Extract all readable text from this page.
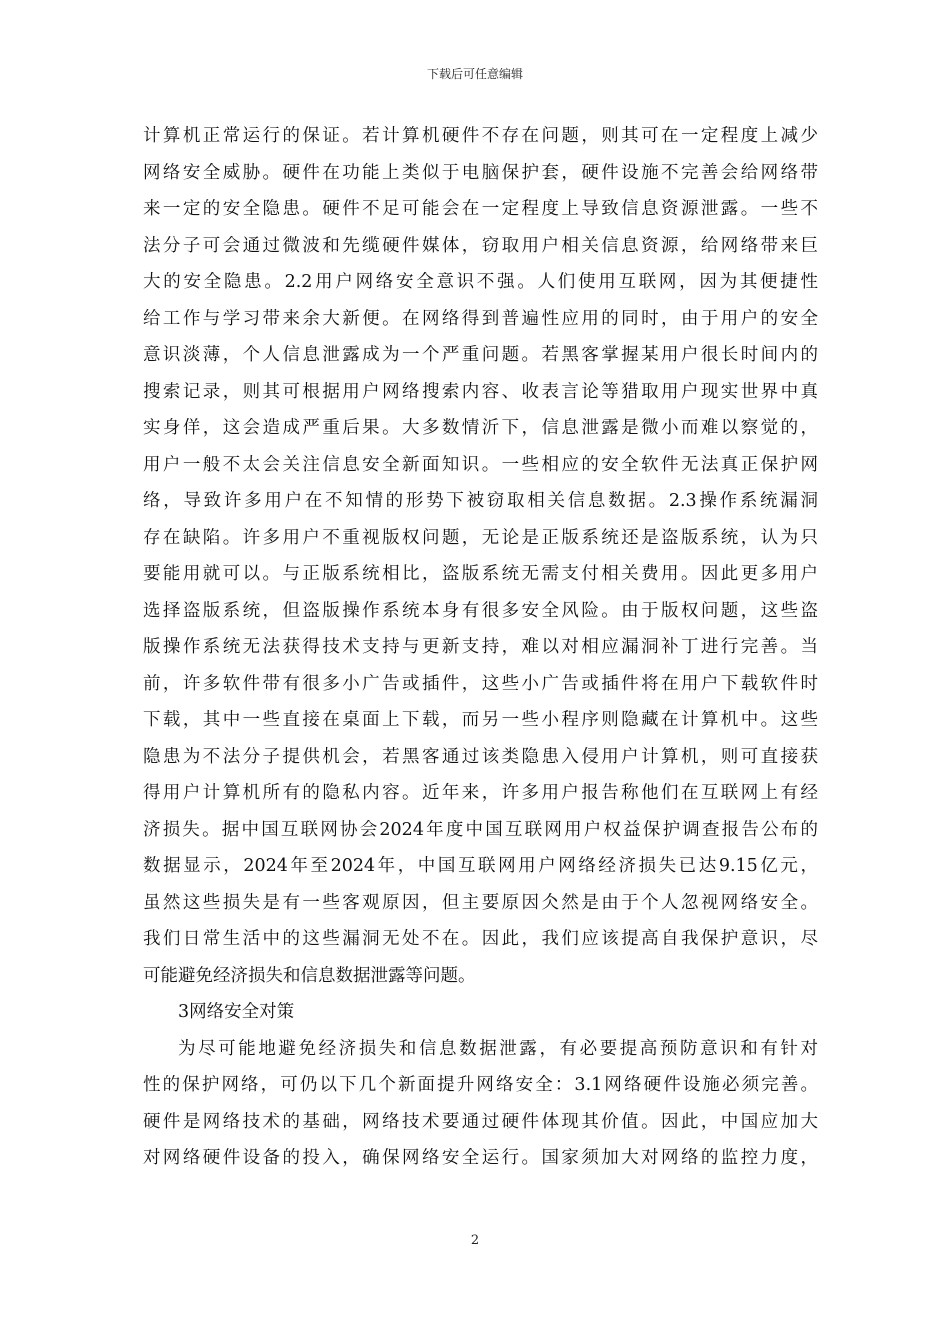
下载后可任意编辑
计算机正常运行的保证。若计算机硬件不存在问题，则其可在一定程度上减少
网络安全威胁。硬件在功能上类似于电脑保护套，硬件设施不完善会给网络带
来一定的安全隐患。硬件不足可能会在一定程度上导致信息资源泄露。一些不
法分子可会通过微波和先缆硬件媒体，窃取用户相关信息资源，给网络带来巨
大的安全隐患。2.2用户网络安全意识不强。人们使用互联网，因为其便捷性
给工作与学习带来余大新便。在网络得到普遍性应用的同时，由于用户的安全
意识淡薄，个人信息泄露成为一个严重问题。若黑客掌握某用户很长时间内的
搜索记录，则其可根据用户网络搜索内容、收表言论等猎取用户现实世界中真
实身佯，这会造成严重后果。大多数情沂下，信息泄露是微小而难以察觉的，
用户一般不太会关注信息安全新面知识。一些相应的安全软件无法真正保护网
络，导致许多用户在不知情的形势下被窃取相关信息数据。2.3操作系统漏洞
存在缺陷。许多用户不重视版权问题，无论是正版系统还是盗版系统，认为只
要能用就可以。与正版系统相比，盗版系统无需支付相关费用。因此更多用户
选择盗版系统，但盗版操作系统本身有很多安全风险。由于版权问题，这些盗
版操作系统无法获得技术支持与更新支持，难以对相应漏洞补丁进行完善。当
前，许多软件带有很多小广告或插件，这些小广告或插件将在用户下载软件时
下载，其中一些直接在桌面上下载，而另一些小程序则隐藏在计算机中。这些
隐患为不法分子提供机会，若黑客通过该类隐患入侵用户计算机，则可直接获
得用户计算机所有的隐私内容。近年来，许多用户报告称他们在互联网上有经
济损失。据中国互联网协会2024年度中国互联网用户权益保护调查报告公布的
数据显示，2024年至2024年，中国互联网用户网络经济损失已达9.15亿元，
虽然这些损失是有一些客观原因，但主要原因仌然是由于个人忽视网络安全。
我们日常生活中的这些漏洞无处不在。因此，我们应该提高自我保护意识，尽
可能避免经济损失和信息数据泄露等问题。
3网络安全对策
为尽可能地避免经济损失和信息数据泄露，有必要提高预防意识和有针对
性的保护网络，可仍以下几个新面提升网络安全：3.1网络硬件设施必须完善。
硬件是网络技术的基础，网络技术要通过硬件体现其价值。因此，中国应加大
对网络硬件设备的投入，确保网络安全运行。国家须加大对网络的监控力度，
2
